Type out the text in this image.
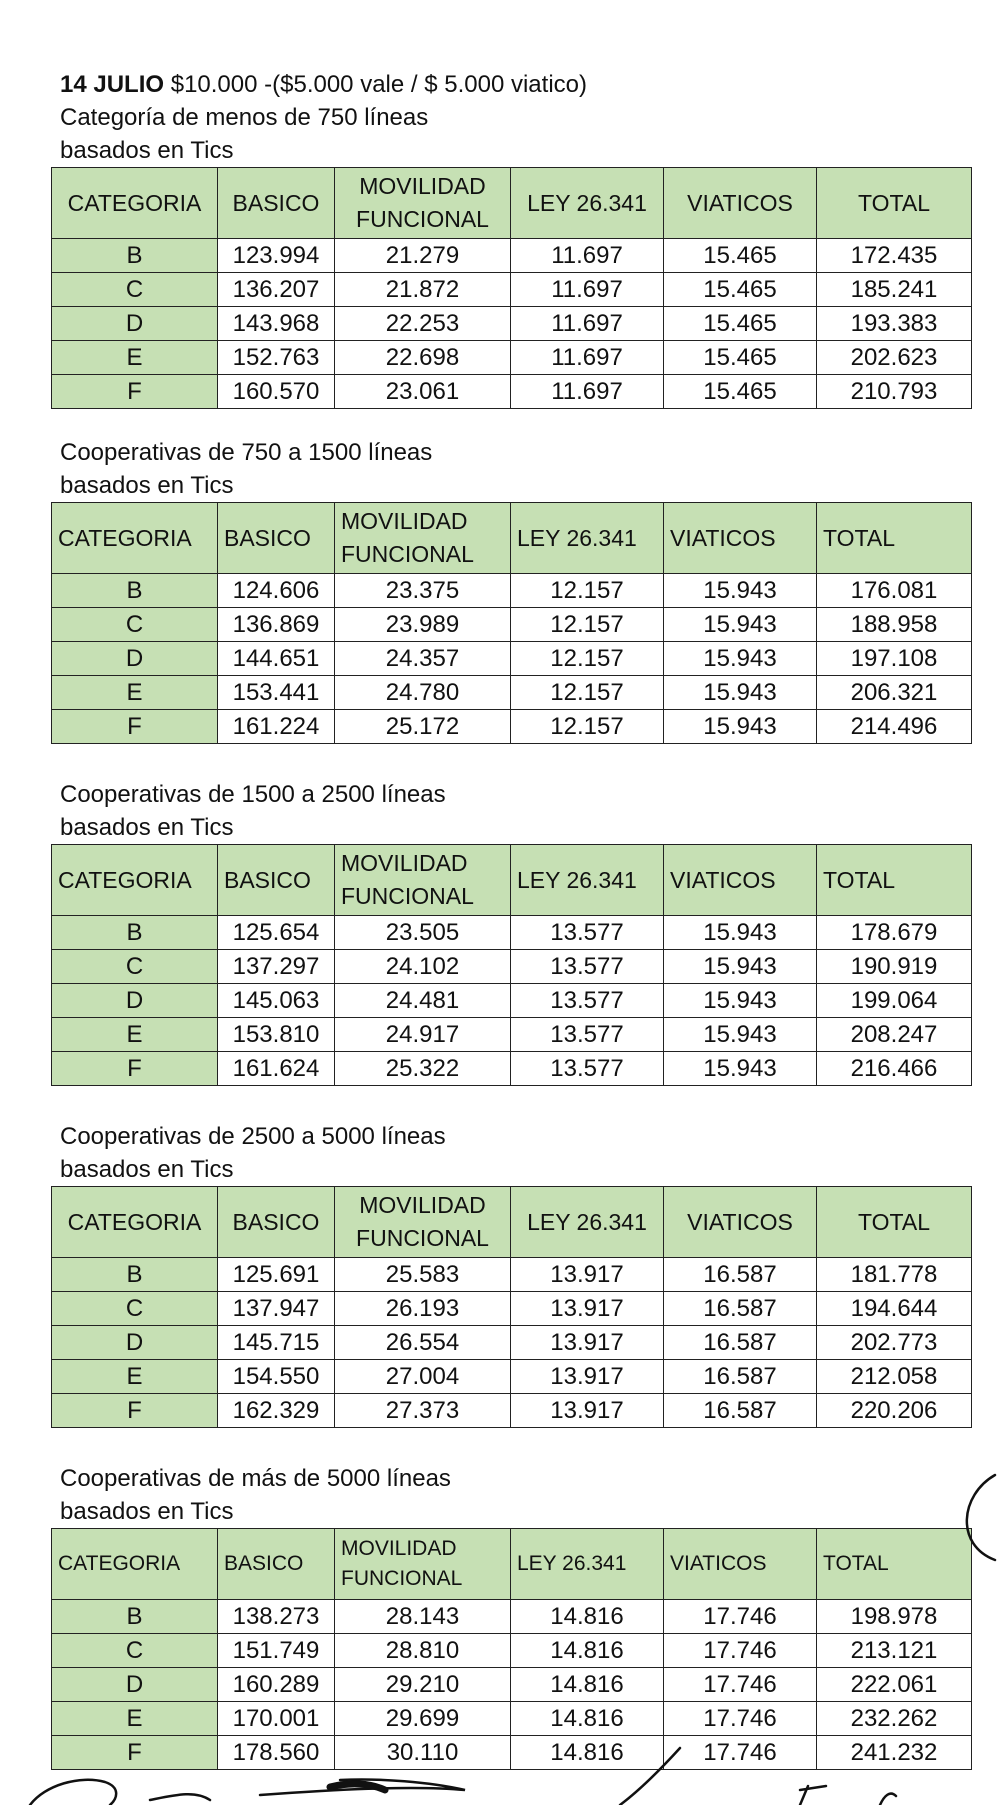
14 JULIO $10.000 -($5.000 vale / $ 5.000 viatico)
Categoría de menos de 750 líneas
basados en Tics
CATEGORIA	BASICO	MOVILIDAD FUNCIONAL	LEY 26.341	VIATICOS	TOTAL
B	123.994	21.279	11.697	15.465	172.435
C	136.207	21.872	11.697	15.465	185.241
D	143.968	22.253	11.697	15.465	193.383
E	152.763	22.698	11.697	15.465	202.623
F	160.570	23.061	11.697	15.465	210.793
Cooperativas de 750 a 1500 líneas
basados en Tics
CATEGORIA	BASICO	MOVILIDAD FUNCIONAL	LEY 26.341	VIATICOS	TOTAL
B	124.606	23.375	12.157	15.943	176.081
C	136.869	23.989	12.157	15.943	188.958
D	144.651	24.357	12.157	15.943	197.108
E	153.441	24.780	12.157	15.943	206.321
F	161.224	25.172	12.157	15.943	214.496
Cooperativas de 1500 a 2500 líneas
basados en Tics
CATEGORIA	BASICO	MOVILIDAD FUNCIONAL	LEY 26.341	VIATICOS	TOTAL
B	125.654	23.505	13.577	15.943	178.679
C	137.297	24.102	13.577	15.943	190.919
D	145.063	24.481	13.577	15.943	199.064
E	153.810	24.917	13.577	15.943	208.247
F	161.624	25.322	13.577	15.943	216.466
Cooperativas de 2500 a 5000 líneas
basados en Tics
CATEGORIA	BASICO	MOVILIDAD FUNCIONAL	LEY 26.341	VIATICOS	TOTAL
B	125.691	25.583	13.917	16.587	181.778
C	137.947	26.193	13.917	16.587	194.644
D	145.715	26.554	13.917	16.587	202.773
E	154.550	27.004	13.917	16.587	212.058
F	162.329	27.373	13.917	16.587	220.206
Cooperativas de más de 5000 líneas
basados en Tics
CATEGORIA	BASICO	MOVILIDAD FUNCIONAL	LEY 26.341	VIATICOS	TOTAL
B	138.273	28.143	14.816	17.746	198.978
C	151.749	28.810	14.816	17.746	213.121
D	160.289	29.210	14.816	17.746	222.061
E	170.001	29.699	14.816	17.746	232.262
F	178.560	30.110	14.816	17.746	241.232
